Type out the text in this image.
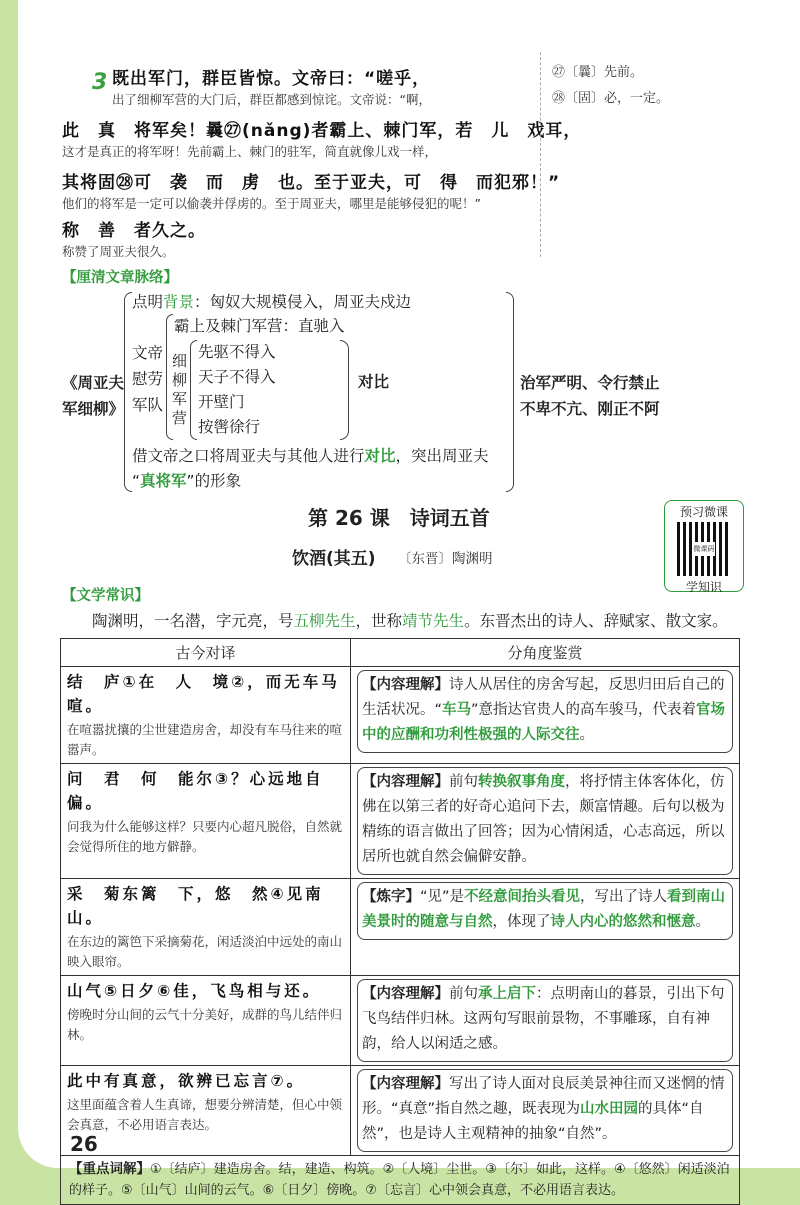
3 既出军门，群臣皆惊。文帝曰：“嗟乎，
出了细柳军营的大门后，群臣都感到惊诧。文帝说：“啊，
此　真　将军矣！曩㉗(nǎng)者霸上、棘门军，若　儿　戏耳，
这才是真正的将军呀！先前霸上、棘门的驻军，简直就像儿戏一样，
其将固㉘可　袭　而　虏　也。至于亚夫，可　得　而犯邪！”
他们的将军是一定可以偷袭并俘虏的。至于周亚夫，哪里是能够侵犯的呢！”
称　善　者久之。
称赞了周亚夫很久。
㉗〔曩〕先前。
㉘〔固〕必，一定。
【厘清文章脉络】
《周亚夫
军细柳》
点明背景：匈奴大规模侵入，周亚夫戍边
文帝
慰劳
军队
霸上及棘门军营：直驰入
细
柳
军
营
先驱不得入
天子不得入
开壁门
按辔徐行
对比
借文帝之口将周亚夫与其他人进行对比，突出周亚夫
“真将军”的形象
治军严明、令行禁止
不卑不亢、刚正不阿
第 26 课　诗词五首
饮酒(其五) 〔东晋〕陶渊明
预习微课
微课码
学知识
【文学常识】
陶渊明，一名潜，字元亮，号五柳先生，世称靖节先生。东晋杰出的诗人、辞赋家、散文家。
古今对译	分角度鉴赏

结　庐①在　人　境②，而无车马喧。
在喧嚣扰攘的尘世建造房舍，却没有车马往来的喧嚣声。	【内容理解】诗人从居住的房舍写起，反思归田后自己的生活状况。“车马”意指达官贵人的高车骏马，代表着官场中的应酬和功利性极强的人际交往。

问　君　何　能尔③？心远地自偏。
问我为什么能够这样？只要内心超凡脱俗，自然就会觉得所住的地方僻静。	【内容理解】前句转换叙事角度，将抒情主体客体化，仿佛在以第三者的好奇心追问下去，颇富情趣。后句以极为精练的语言做出了回答；因为心情闲适，心志高远，所以居所也就自然会偏僻安静。

采　菊东篱　下，悠　然④见南山。
在东边的篱笆下采摘菊花，闲适淡泊中远处的南山映入眼帘。	【炼字】“见”是不经意间抬头看见，写出了诗人看到南山美景时的随意与自然，体现了诗人内心的悠然和惬意。

山气⑤日夕⑥佳，飞鸟相与还。
傍晚时分山间的云气十分美好，成群的鸟儿结伴归林。	【内容理解】前句承上启下：点明南山的暮景，引出下句飞鸟结伴归林。这两句写眼前景物，不事雕琢，自有神韵，给人以闲适之感。

此中有真意，欲辨已忘言⑦。
这里面蕴含着人生真谛，想要分辨清楚，但心中领会真意，不必用语言表达。	【内容理解】写出了诗人面对良辰美景神往而又迷惘的情形。“真意”指自然之趣，既表现为山水田园的具体“自然”，也是诗人主观精神的抽象“自然”。

【重点词解】①〔结庐〕建造房舍。结，建造、构筑。②〔人境〕尘世。③〔尔〕如此，这样。④〔悠然〕闲适淡泊的样子。⑤〔山气〕山间的云气。⑥〔日夕〕傍晚。⑦〔忘言〕心中领会真意，不必用语言表达。	
26
